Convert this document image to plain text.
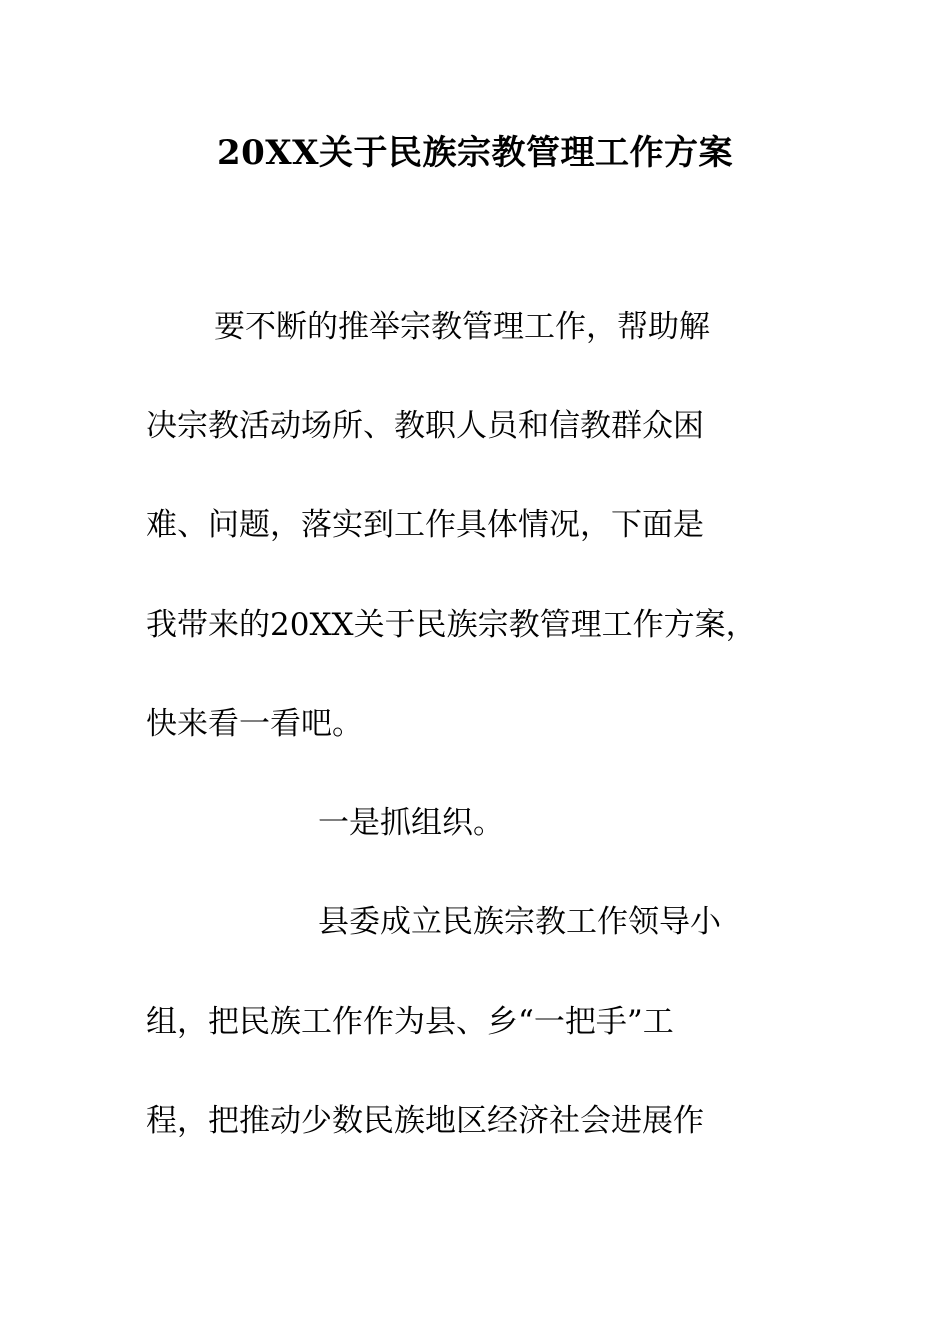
20XX关于民族宗教管理工作方案
要不断的推举宗教管理工作，帮助解
决宗教活动场所、教职人员和信教群众困
难、问题，落实到工作具体情况，下面是
我带来的20XX关于民族宗教管理工作方案，
快来看一看吧。
一是抓组织。
县委成立民族宗教工作领导小
组，把民族工作作为县、乡“一把手”工
程，把推动少数民族地区经济社会进展作
